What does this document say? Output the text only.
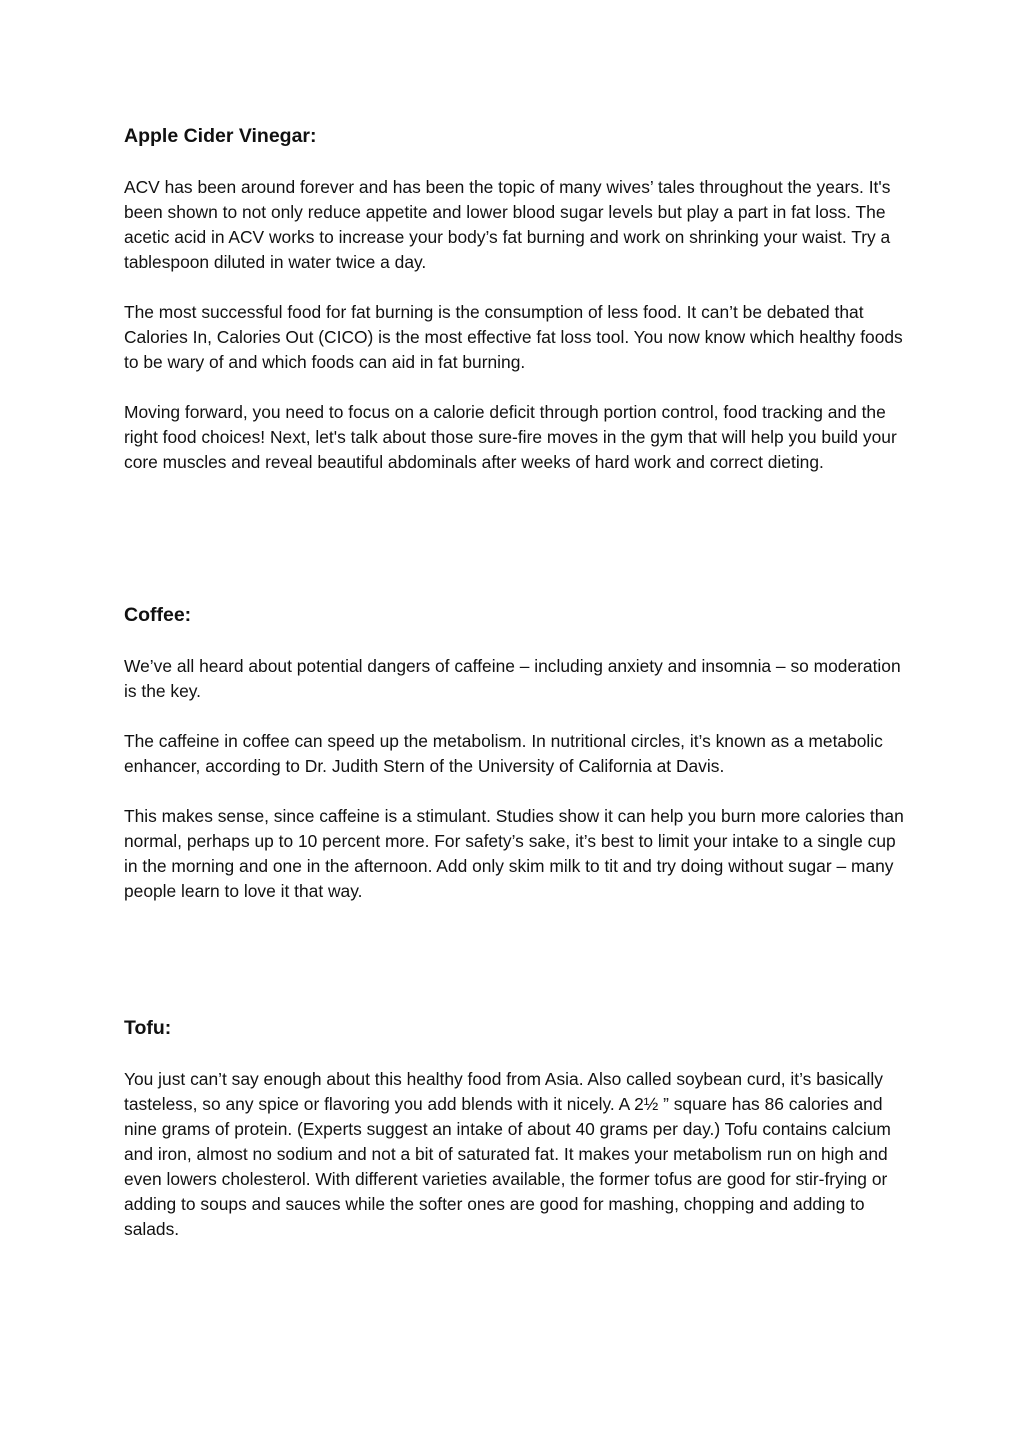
Apple Cider Vinegar:

ACV has been around forever and has been the topic of many wives’ tales throughout the years. It's been shown to not only reduce appetite and lower blood sugar levels but play a part in fat loss. The acetic acid in ACV works to increase your body’s fat burning and work on shrinking your waist. Try a tablespoon diluted in water twice a day.

The most successful food for fat burning is the consumption of less food. It can’t be debated that Calories In, Calories Out (CICO) is the most effective fat loss tool. You now know which healthy foods to be wary of and which foods can aid in fat burning.

Moving forward, you need to focus on a calorie deficit through portion control, food tracking and the right food choices! Next, let's talk about those sure-fire moves in the gym that will help you build your core muscles and reveal beautiful abdominals after weeks of hard work and correct dieting.

Coffee:

We’ve all heard about potential dangers of caffeine – including anxiety and insomnia – so moderation is the key.

The caffeine in coffee can speed up the metabolism. In nutritional circles, it’s known as a metabolic enhancer, according to Dr. Judith Stern of the University of California at Davis.

This makes sense, since caffeine is a stimulant. Studies show it can help you burn more calories than normal, perhaps up to 10 percent more. For safety’s sake, it’s best to limit your intake to a single cup in the morning and one in the afternoon. Add only skim milk to tit and try doing without sugar – many people learn to love it that way.

Tofu:

You just can’t say enough about this healthy food from Asia. Also called soybean curd, it’s basically tasteless, so any spice or flavoring you add blends with it nicely. A 2½ ” square has 86 calories and nine grams of protein. (Experts suggest an intake of about 40 grams per day.) Tofu contains calcium and iron, almost no sodium and not a bit of saturated fat. It makes your metabolism run on high and even lowers cholesterol. With different varieties available, the former tofus are good for stir-frying or adding to soups and sauces while the softer ones are good for mashing, chopping and adding to salads.
